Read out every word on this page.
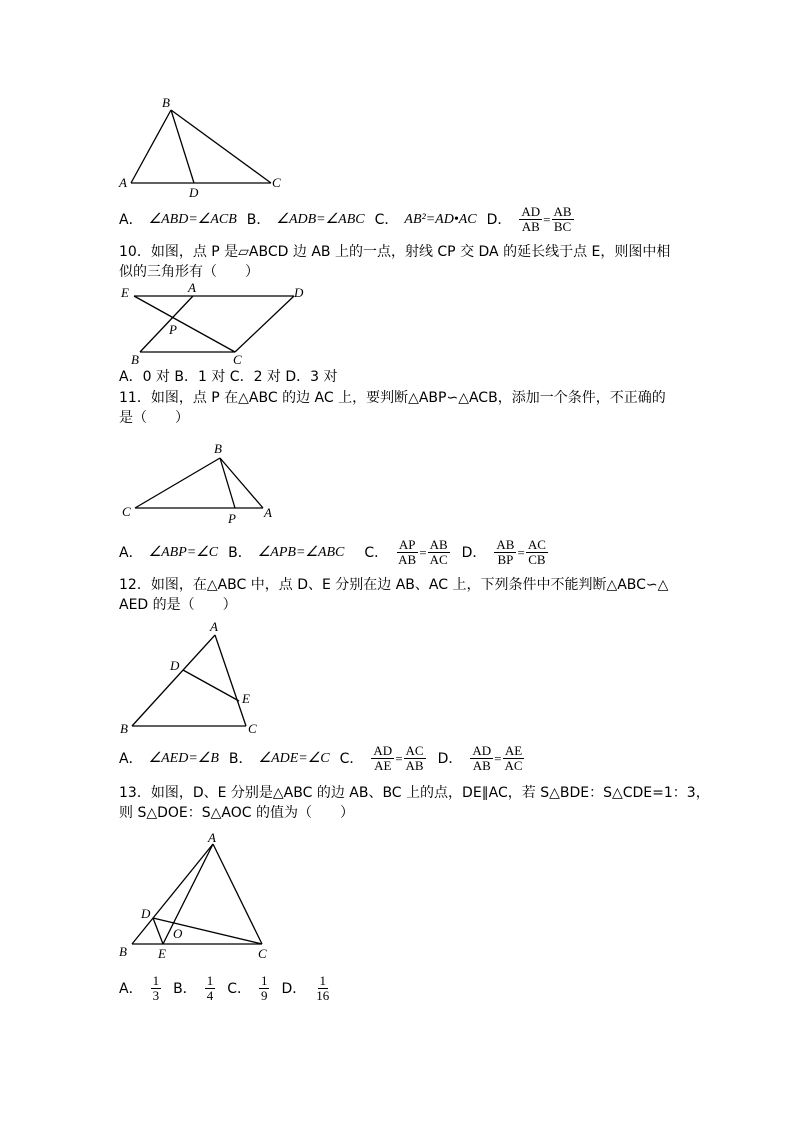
B
A
D
C
A． ∠ABD=∠ACB B． ∠ADB=∠ABC C． AB²=AD•AC D． $\frac{AD}{AB} = \frac{AB}{BC}$
10．如图，点 P 是▱ABCD 边 AB 上的一点，射线 CP 交 DA 的延长线于点 E，则图中相
似的三角形有（　　）
E	A	D
P
B	C
A．0 对 B．1 对 C．2 对 D．3 对
11．如图，点 P 在△ABC 的边 AC 上，要判断△ABP∽△ACB，添加一个条件，不正确的
是（　　）
B
C	P A
A． ∠ABP=∠C B． ∠APB=∠ABC C． $\frac{AP}{AB} = \frac{AB}{AC}$ D． $\frac{AB}{BP} = \frac{AC}{CB}$
12．如图，在△ABC 中，点 D、E 分别在边 AB、AC 上，下列条件中不能判断△ABC∽△
AED 的是（　　）
A
D
E
B	C
A． ∠AED=∠B B． ∠ADE=∠C C． $\frac{AD}{AE} = \frac{AC}{AB}$ D． $\frac{AD}{AB} = \frac{AE}{AC}$
13．如图，D、E 分别是△ABC 的边 AB、BC 上的点，DE∥AC，若 S△BDE：S△CDE=1：3，
则 S△DOE：S△AOC 的值为（　　）
A
D
O
B E	C
A． $\frac{1}{3}$ B． $\frac{1}{4}$ C． $\frac{1}{9}$ D． $\frac{1}{16}$
